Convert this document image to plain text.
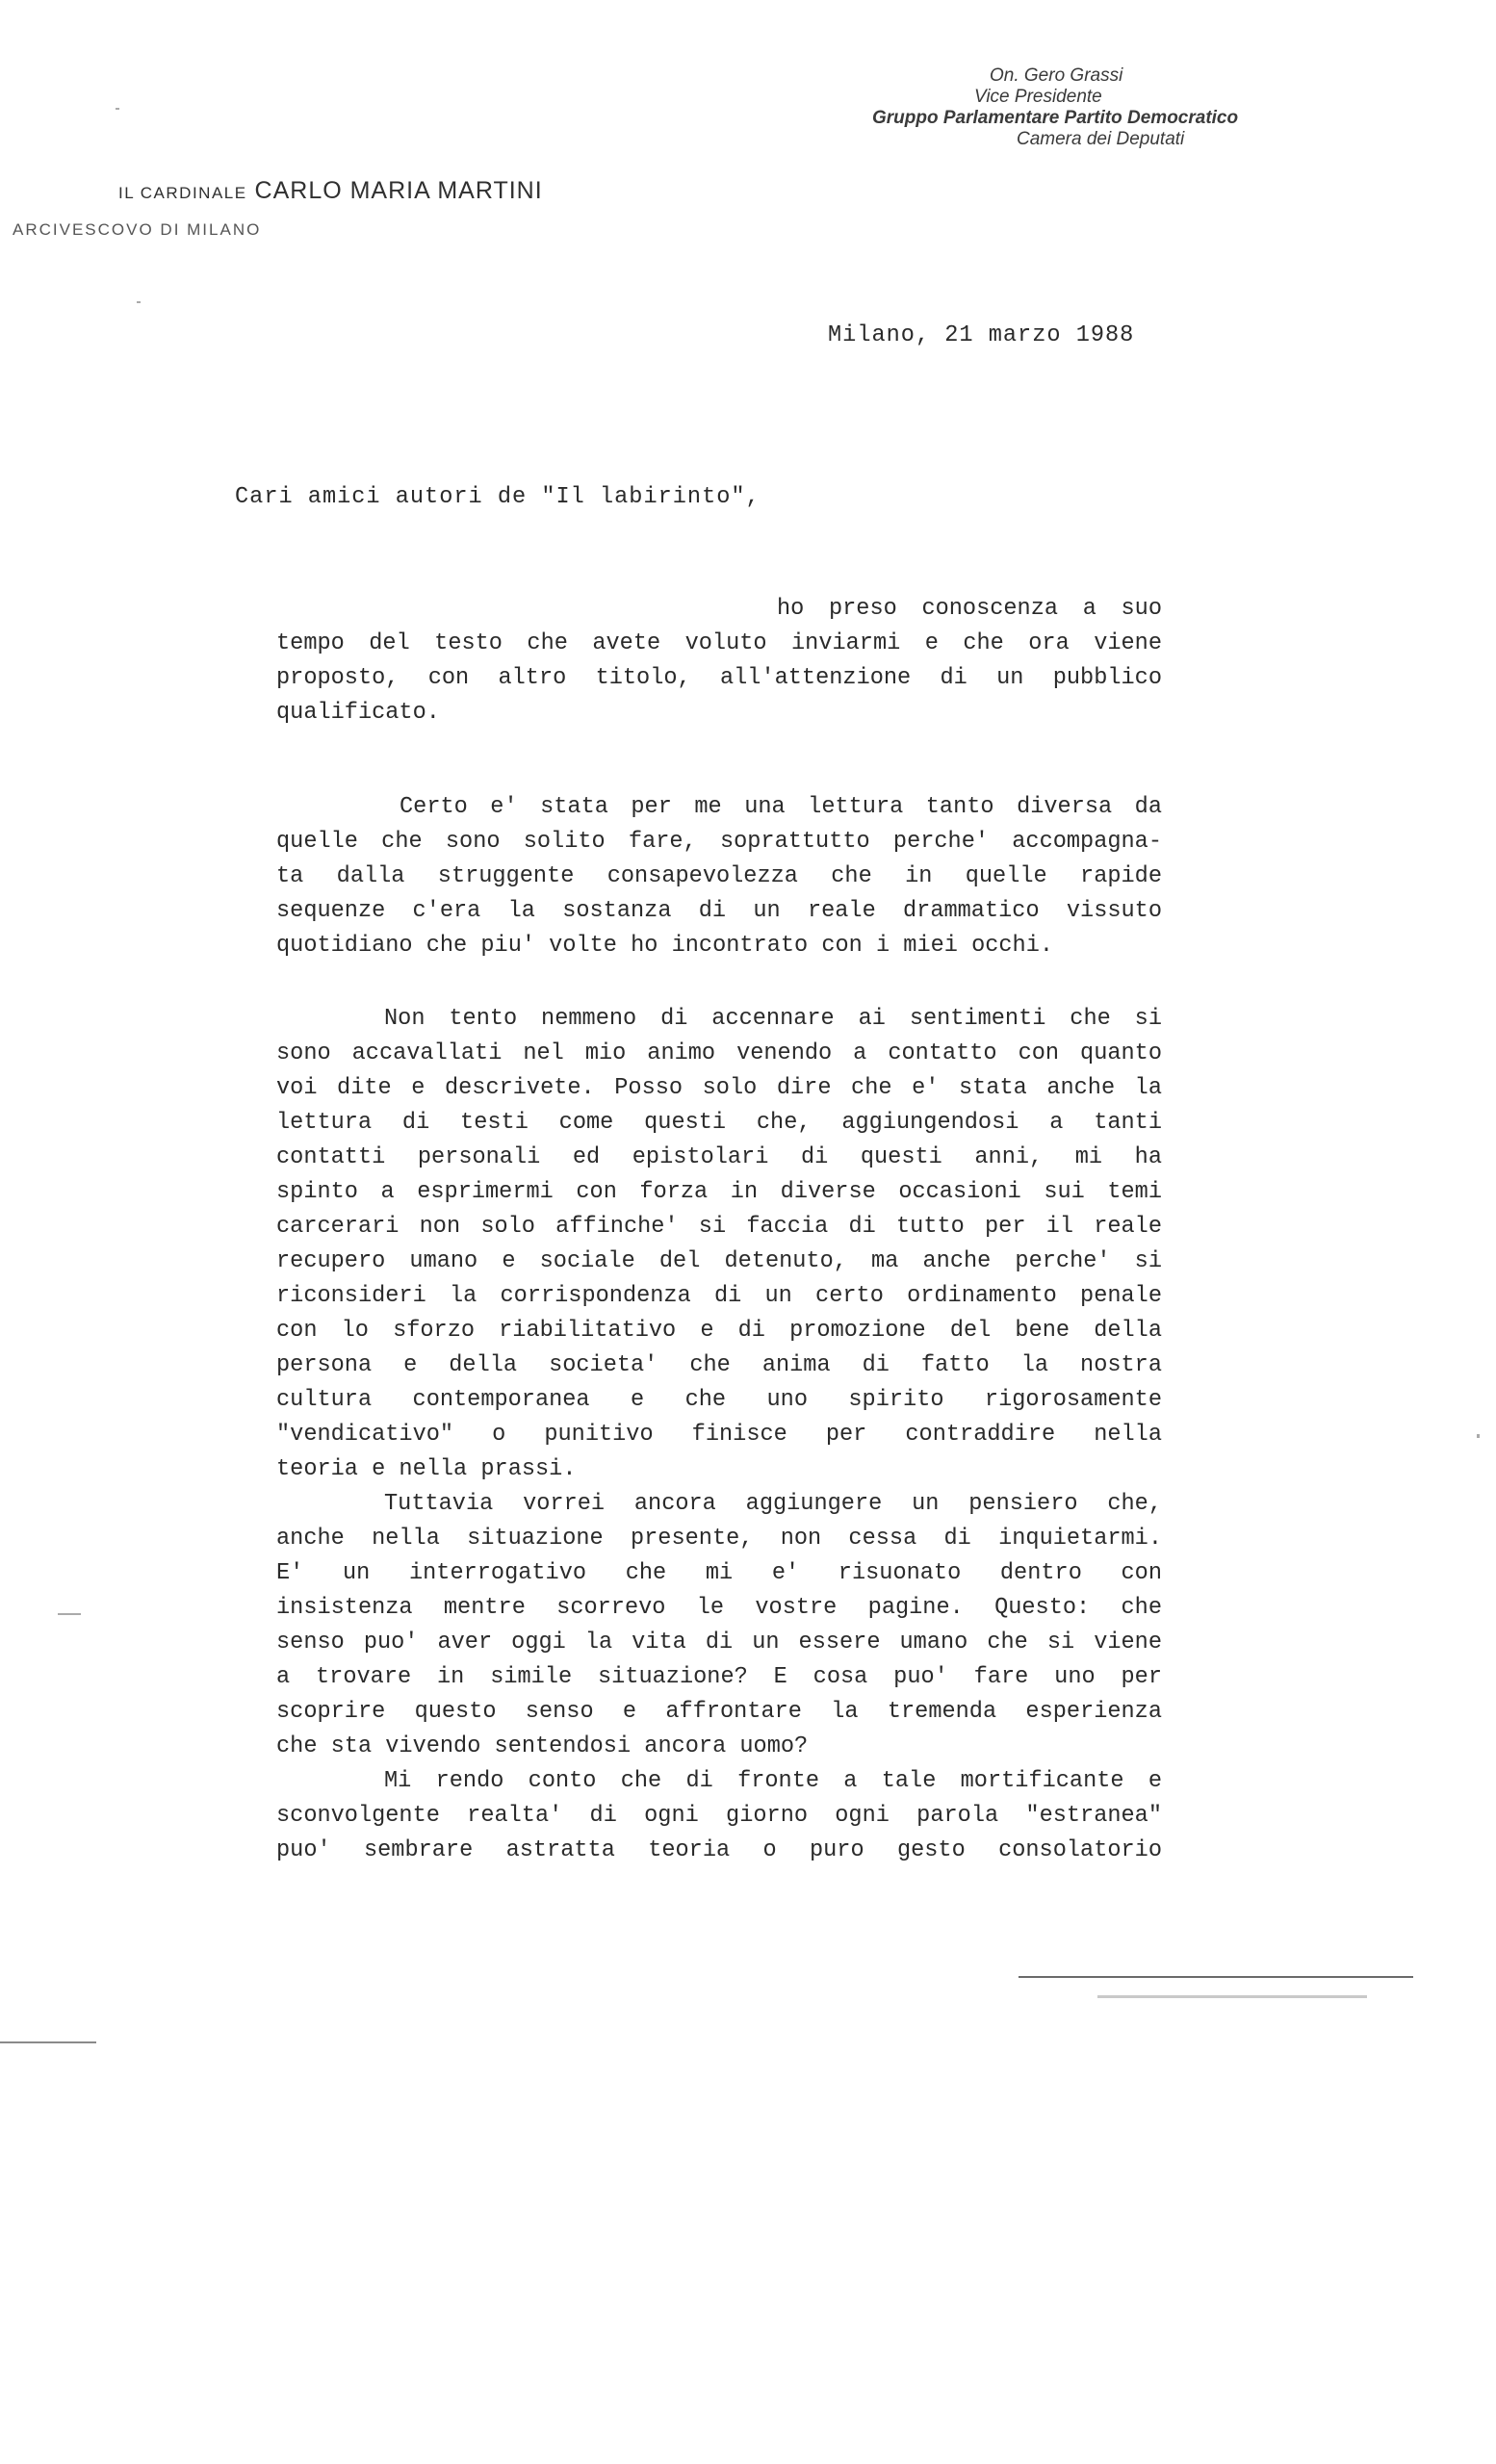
On. Gero Grassi
Vice Presidente
Gruppo Parlamentare Partito Democratico
Camera dei Deputati
IL CARDINALE CARLO MARIA MARTINI
ARCIVESCOVO DI MILANO
Milano, 21 marzo 1988
Cari amici autori de "Il labirinto",
ho preso conoscenza a suo
tempo del testo che avete voluto inviarmi e che ora viene
proposto, con altro titolo, all'attenzione di un pubblico
qualificato.
Certo e' stata per me una lettura tanto diversa da
quelle che sono solito fare, soprattutto perche' accompagna-
ta dalla struggente consapevolezza che in quelle rapide
sequenze c'era la sostanza di un reale drammatico vissuto
quotidiano che piu' volte ho incontrato con i miei occhi.
Non tento nemmeno di accennare ai sentimenti che si
sono accavallati nel mio animo venendo a contatto con quanto
voi dite e descrivete. Posso solo dire che e' stata anche la
lettura di testi come questi che, aggiungendosi a tanti
contatti personali ed epistolari di questi anni, mi ha
spinto a esprimermi con forza in diverse occasioni sui temi
carcerari non solo affinche' si faccia di tutto per il reale
recupero umano e sociale del detenuto, ma anche perche' si
riconsideri la corrispondenza di un certo ordinamento penale
con lo sforzo riabilitativo e di promozione del bene della
persona e della societa' che anima di fatto la nostra
cultura contemporanea e che uno spirito rigorosamente
"vendicativo" o punitivo finisce per contraddire nella
teoria e nella prassi.
Tuttavia vorrei ancora aggiungere un pensiero che,
anche nella situazione presente, non cessa di inquietarmi.
E' un interrogativo che mi e' risuonato dentro con
insistenza mentre scorrevo le vostre pagine. Questo: che
senso puo' aver oggi la vita di un essere umano che si viene
a trovare in simile situazione? E cosa puo' fare uno per
scoprire questo senso e affrontare la tremenda esperienza
che sta vivendo sentendosi ancora uomo?
Mi rendo conto che di fronte a tale mortificante e
sconvolgente realta' di ogni giorno ogni parola "estranea"
puo' sembrare astratta teoria o puro gesto consolatorio
